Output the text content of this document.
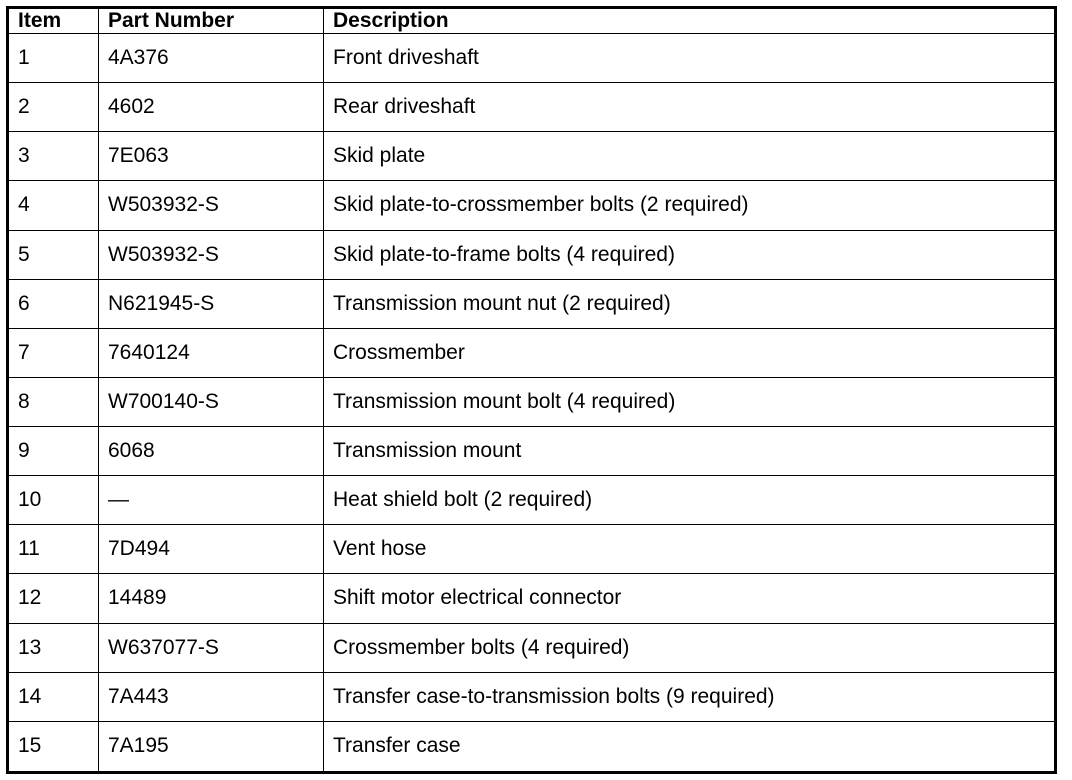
Item	Part Number	Description
1	4A376	Front driveshaft
2	4602	Rear driveshaft
3	7E063	Skid plate
4	W503932-S	Skid plate-to-crossmember bolts (2 required)
5	W503932-S	Skid plate-to-frame bolts (4 required)
6	N621945-S	Transmission mount nut (2 required)
7	7640124	Crossmember
8	W700140-S	Transmission mount bolt (4 required)
9	6068	Transmission mount
10	—	Heat shield bolt (2 required)
11	7D494	Vent hose
12	14489	Shift motor electrical connector
13	W637077-S	Crossmember bolts (4 required)
14	7A443	Transfer case-to-transmission bolts (9 required)
15	7A195	Transfer case
